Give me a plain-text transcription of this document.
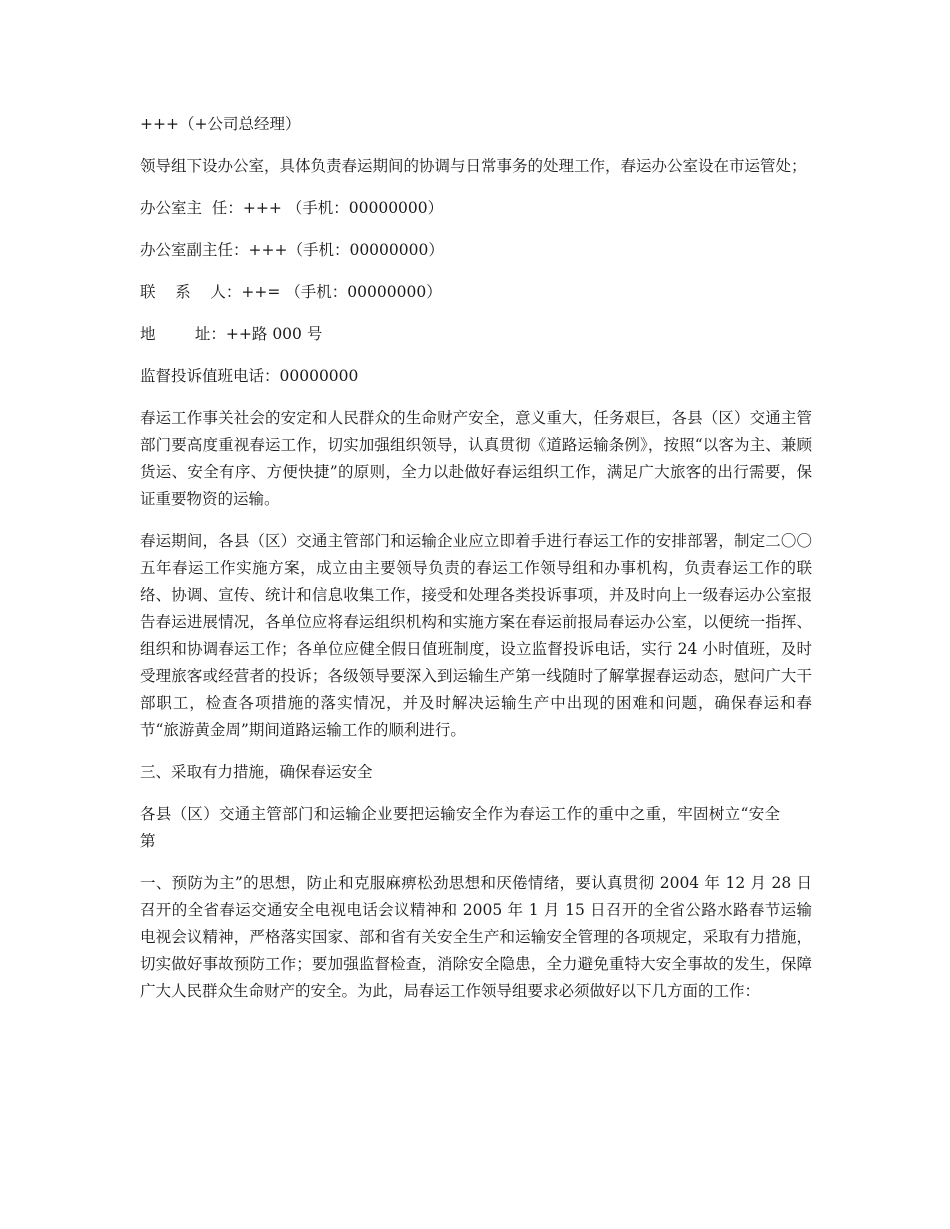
+++（+公司总经理）

领导组下设办公室，具体负责春运期间的协调与日常事务的处理工作，春运办公室设在市运管处；

办公室主  任：+++ （手机：00000000）

办公室副主任：+++（手机：00000000）

联    系    人：++= （手机：00000000）

地        址：++路 000 号

监督投诉值班电话：00000000

春运工作事关社会的安定和人民群众的生命财产安全，意义重大，任务艰巨，各县（区）交通主管部门要高度重视春运工作，切实加强组织领导，认真贯彻《道路运输条例》，按照“以客为主、兼顾货运、安全有序、方便快捷”的原则，全力以赴做好春运组织工作，满足广大旅客的出行需要，保证重要物资的运输。

春运期间，各县（区）交通主管部门和运输企业应立即着手进行春运工作的安排部署，制定二〇〇五年春运工作实施方案，成立由主要领导负责的春运工作领导组和办事机构，负责春运工作的联络、协调、宣传、统计和信息收集工作，接受和处理各类投诉事项，并及时向上一级春运办公室报告春运进展情况，各单位应将春运组织机构和实施方案在春运前报局春运办公室，以便统一指挥、组织和协调春运工作；各单位应健全假日值班制度，设立监督投诉电话，实行 24 小时值班，及时受理旅客或经营者的投诉；各级领导要深入到运输生产第一线随时了解掌握春运动态，慰问广大干部职工，检查各项措施的落实情况，并及时解决运输生产中出现的困难和问题，确保春运和春节“旅游黄金周”期间道路运输工作的顺利进行。

三、采取有力措施，确保春运安全

各县（区）交通主管部门和运输企业要把运输安全作为春运工作的重中之重，牢固树立“安全第

一、预防为主”的思想，防止和克服麻痹松劲思想和厌倦情绪，要认真贯彻 2004 年 12 月 28 日召开的全省春运交通安全电视电话会议精神和 2005 年 1 月 15 日召开的全省公路水路春节运输电视会议精神，严格落实国家、部和省有关安全生产和运输安全管理的各项规定，采取有力措施，切实做好事故预防工作；要加强监督检查，消除安全隐患，全力避免重特大安全事故的发生，保障广大人民群众生命财产的安全。为此，局春运工作领导组要求必须做好以下几方面的工作：
